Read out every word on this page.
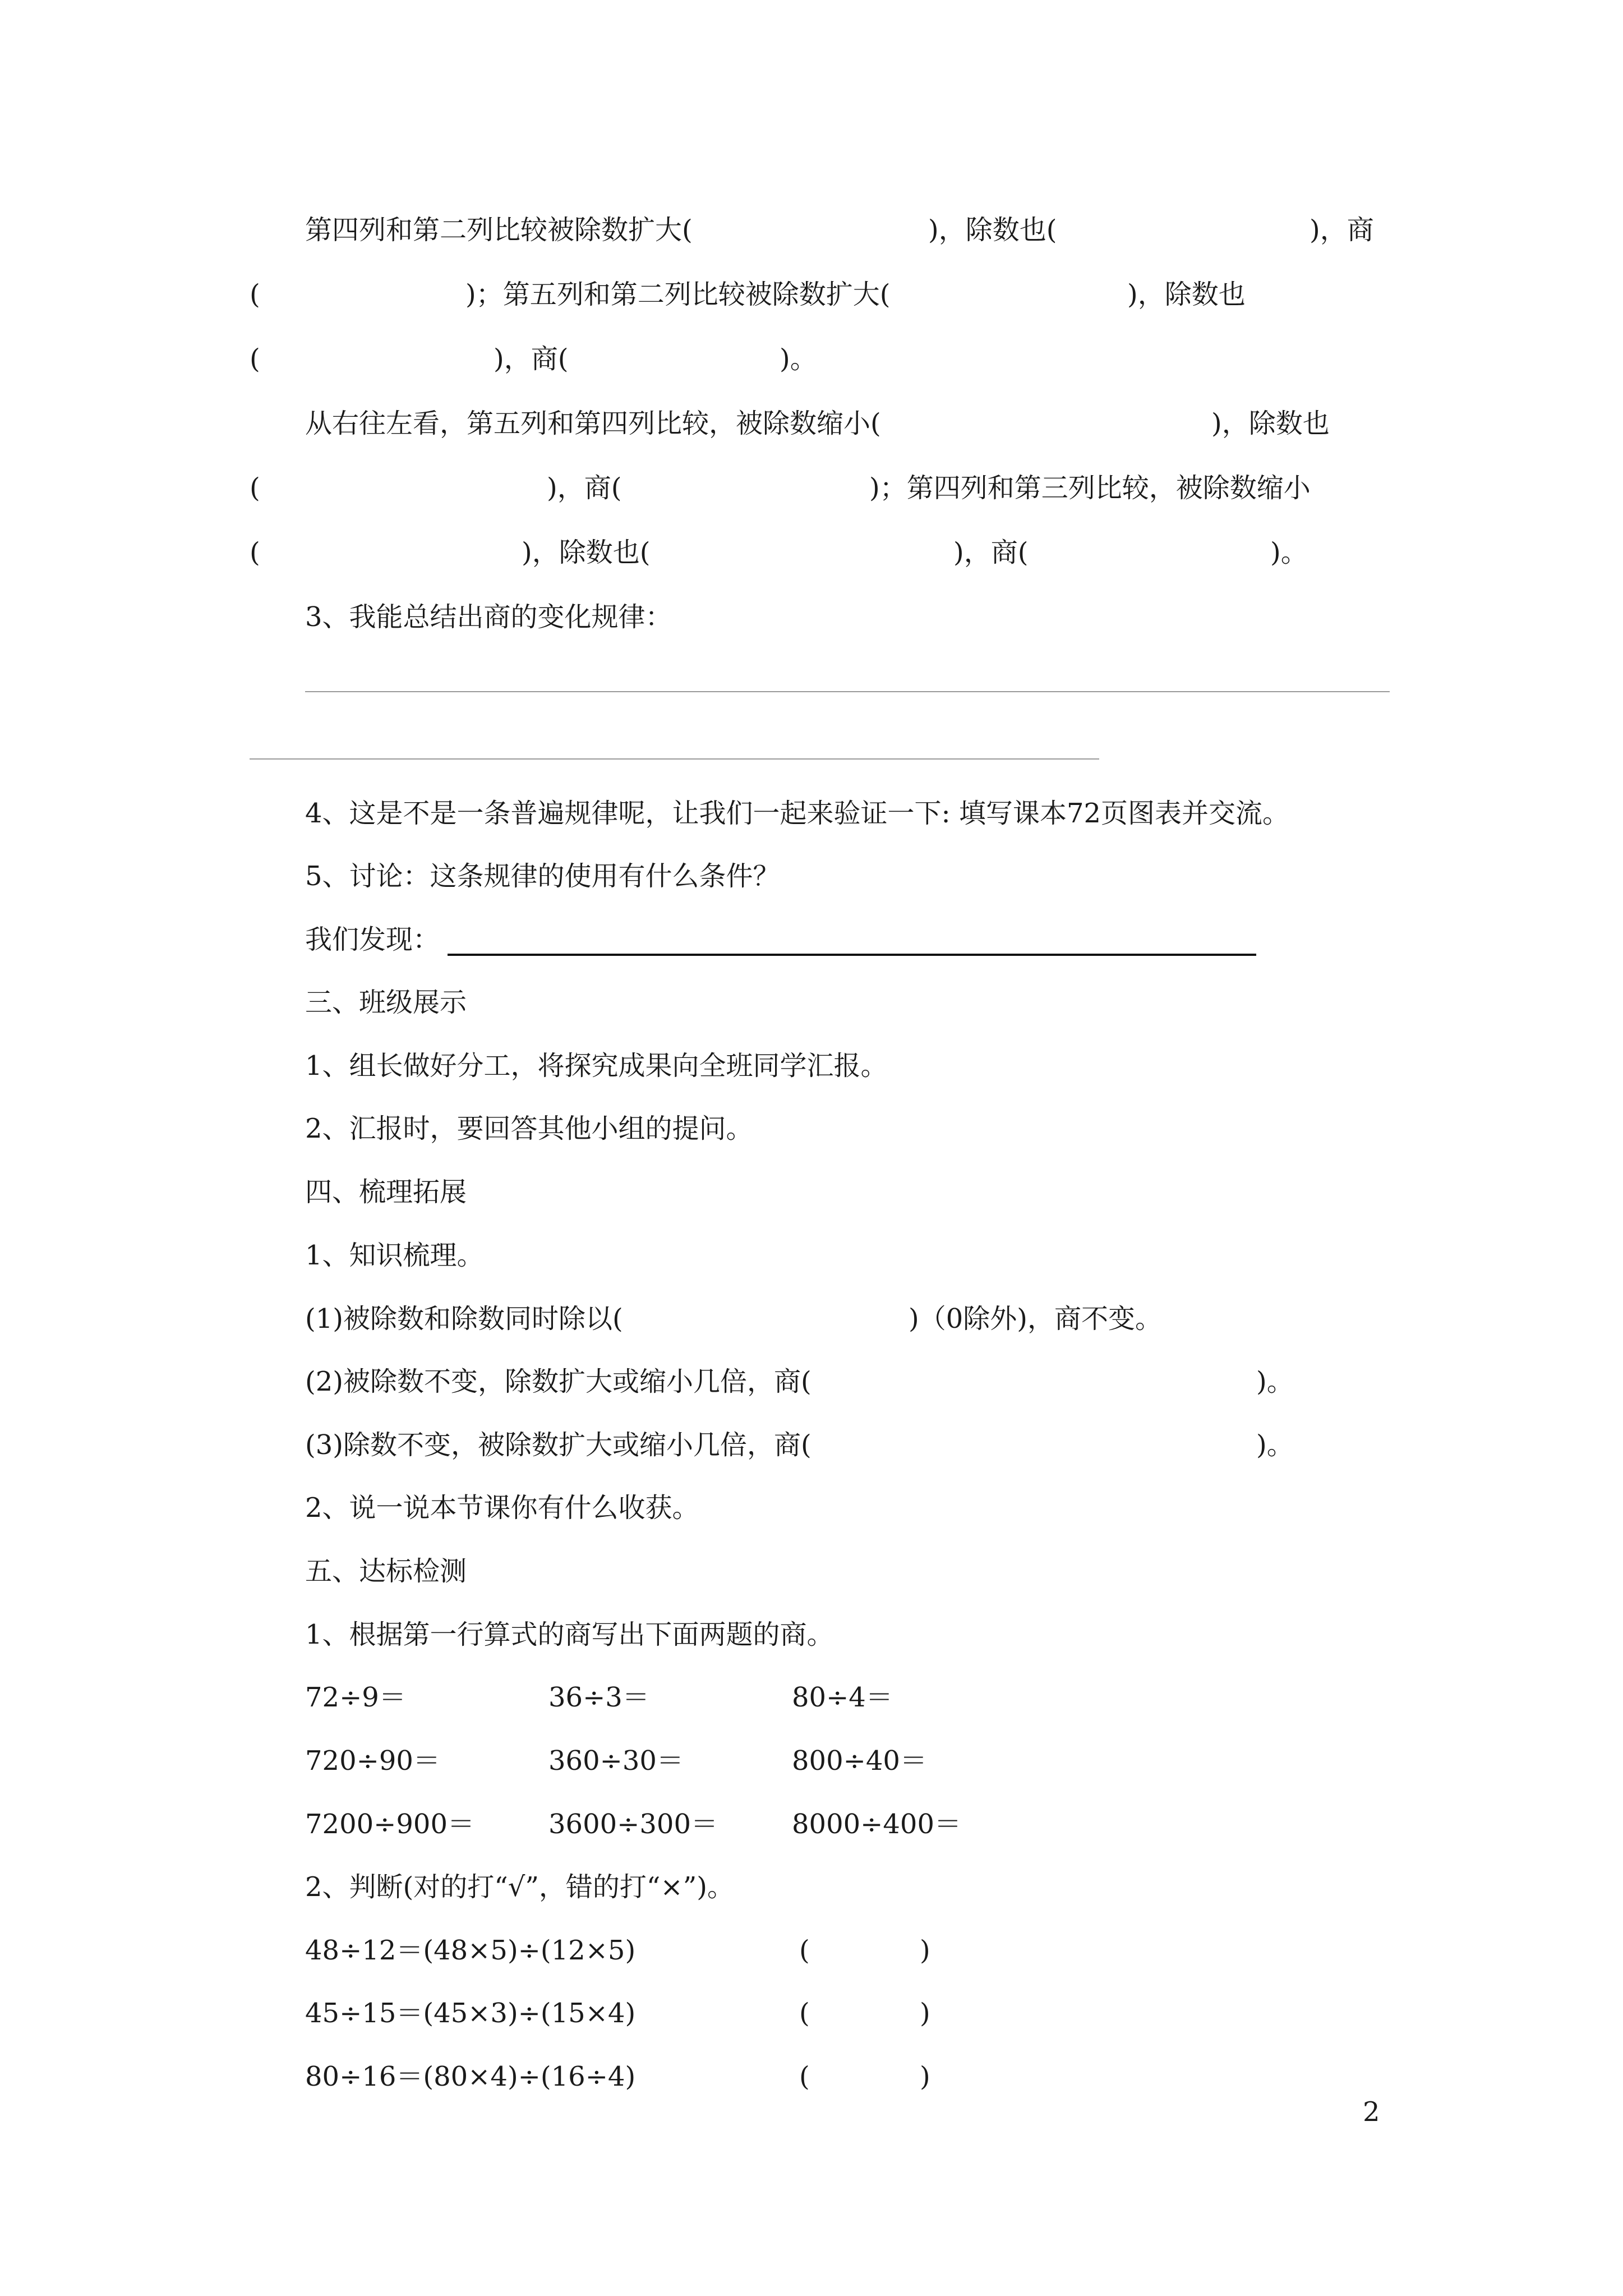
第四列和第二列比较被除数扩大(	)，除数也(	)，商
(	)；第五列和第二列比较被除数扩大(	)，除数也
(	)，商(	)。
从右往左看，第五列和第四列比较，被除数缩小(	)，除数也
(	)，商(	)；第四列和第三列比较，被除数缩小
(	)，除数也(	)，商(	)。
3、我能总结出商的变化规律：
4、这是不是一条普遍规律呢，让我们一起来验证一下: 填写课本72页图表并交流。
5、讨论：这条规律的使用有什么条件？
我们发现：
三、班级展示
1、组长做好分工，将探究成果向全班同学汇报。
2、汇报时，要回答其他小组的提问。
四、梳理拓展
1、知识梳理。
(1)被除数和除数同时除以(	)（0除外)，商不变。
(2)被除数不变，除数扩大或缩小几倍，商(	)。
(3)除数不变，被除数扩大或缩小几倍，商(	)。
2、说一说本节课你有什么收获。
五、达标检测
1、根据第一行算式的商写出下面两题的商。
72÷9＝	36÷3＝	80÷4＝
720÷90＝	360÷30＝	800÷40＝
7200÷900＝	3600÷300＝	8000÷400＝
2、判断(对的打“√”，错的打“×”)。
48÷12＝(48×5)÷(12×5)	(	)
45÷15＝(45×3)÷(15×4)	(	)
80÷16＝(80×4)÷(16÷4)	(	)
2
